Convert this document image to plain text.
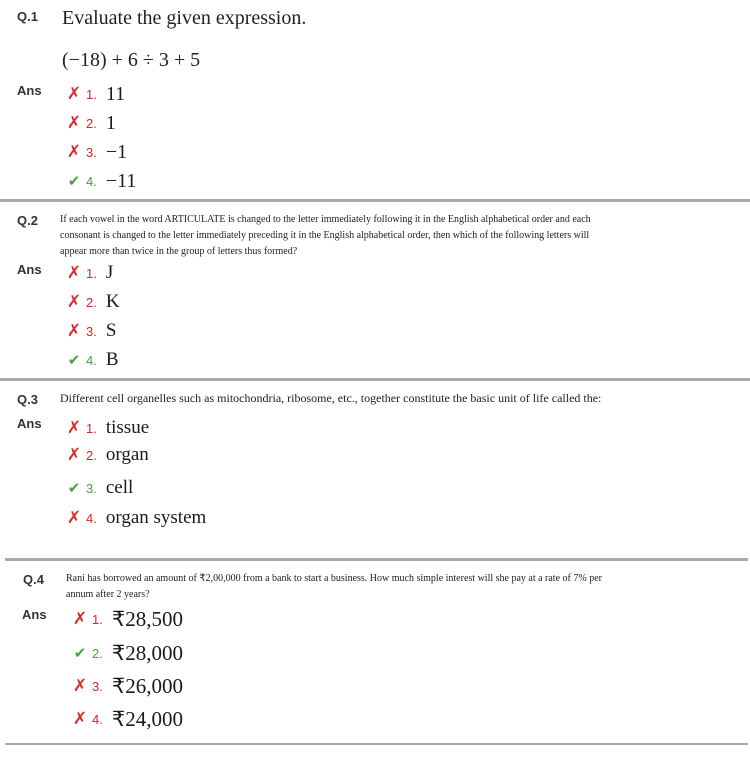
Q.1 Evaluate the given expression.
(−18) + 6 ÷ 3 + 5
Ans ✗ 1. 11
✗ 2. 1
✗ 3. −1
✔ 4. −11
Q.2 If each vowel in the word ARTICULATE is changed to the letter immediately following it in the English alphabetical order and each
consonant is changed to the letter immediately preceding it in the English alphabetical order, then which of the following letters will
appear more than twice in the group of letters thus formed?
Ans ✗ 1. J
✗ 2. K
✗ 3. S
✔ 4. B
Q.3 Different cell organelles such as mitochondria, ribosome, etc., together constitute the basic unit of life called the:
Ans ✗ 1. tissue
✗ 2. organ
✔ 3. cell
✗ 4. organ system
Q.4 Rani has borrowed an amount of ₹2,00,000 from a bank to start a business. How much simple interest will she pay at a rate of 7% per
annum after 2 years?
Ans ✗ 1. ₹28,500
✔ 2. ₹28,000
✗ 3. ₹26,000
✗ 4. ₹24,000
